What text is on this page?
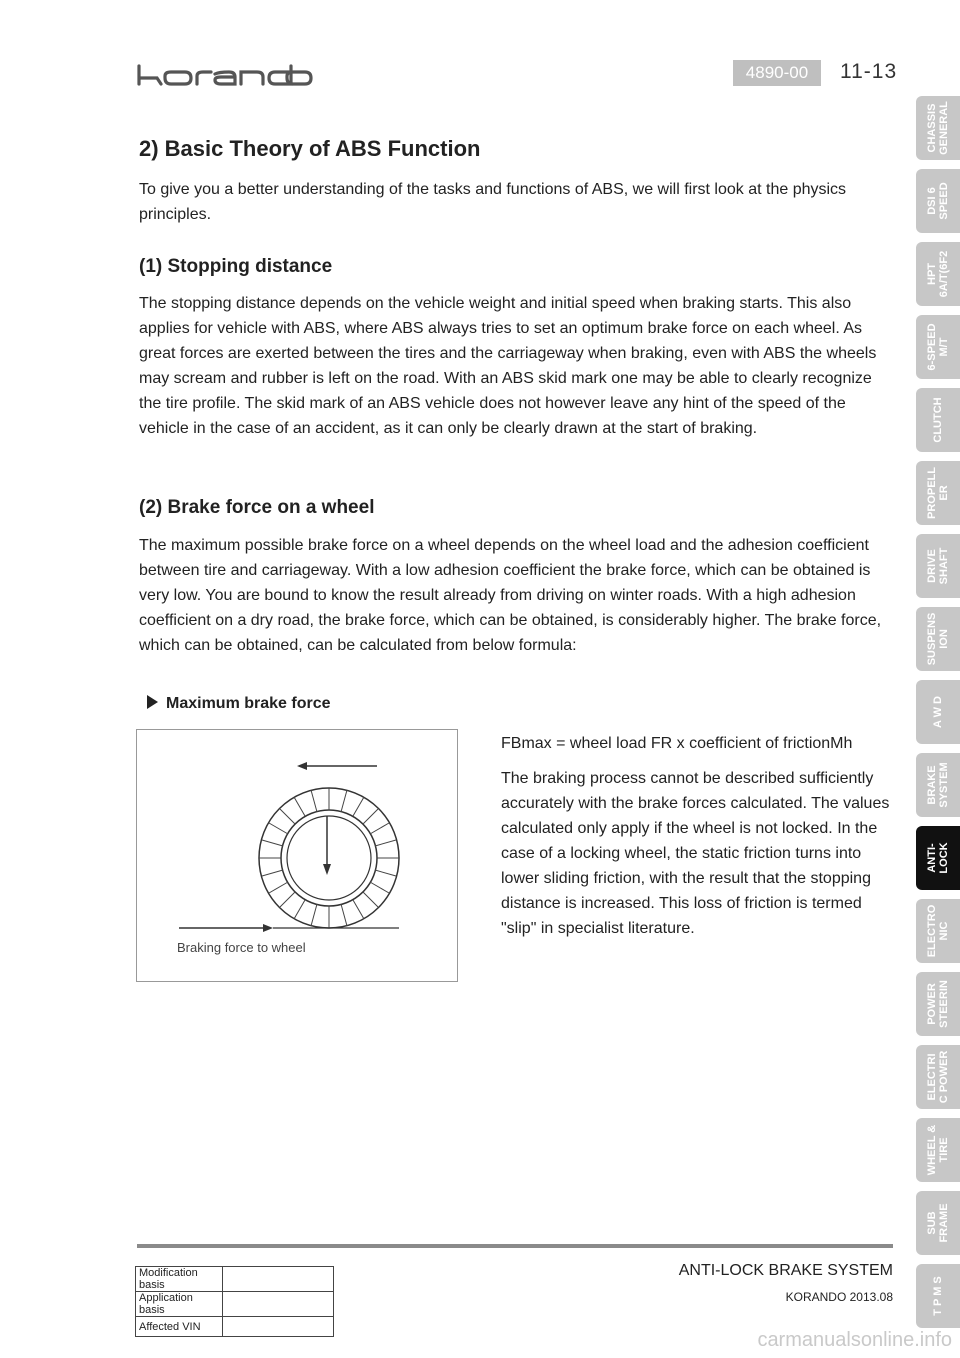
4890-00	11-13
2) Basic Theory of ABS Function

To give you a better understanding of the tasks and functions of ABS, we will first look at the physics principles.

(1) Stopping distance

The stopping distance depends on the vehicle weight and initial speed when braking starts. This also applies for vehicle with ABS, where ABS always tries to set an optimum brake force on each wheel. As great forces are exerted between the tires and the carriageway when braking, even with ABS the wheels may scream and rubber is left on the road. With an ABS skid mark one may be able to clearly recognize the tire profile. The skid mark of an ABS vehicle does not however leave any hint of the speed of the vehicle in the case of an accident, as it can only be clearly drawn at the start of braking.

(2) Brake force on a wheel

The maximum possible brake force on a wheel depends on the wheel load and the adhesion coefficient between tire and carriageway. With a low adhesion coefficient the brake force, which can be obtained is very low. You are bound to know the result already from driving on winter roads. With a high adhesion coefficient on a dry road, the brake force, which can be obtained, is considerably higher. The brake force, which can be obtained, can be calculated from below formula:

Maximum brake force
Braking force to wheel

FBmax = wheel load FR x coefficient of frictionMh

The braking process cannot be described sufficiently accurately with the brake forces calculated. The values calculated only apply if the wheel is not locked. In the case of a locking wheel, the static friction turns into lower sliding friction, with the result that the stopping distance is increased. This loss of friction is termed "slip" in specialist literature.

Modification basis	
Application basis	
Affected VIN	
ANTI-LOCK BRAKE SYSTEM
KORANDO 2013.08
CHASSIS
GENERAL
DSI 6
SPEED
HPT
6A/T(6F2
6-SPEED
M/T
CLUTCH
PROPELL
ER
DRIVE
SHAFT
SUSPENS
ION
A W D
BRAKE
SYSTEM
ANTI-
LOCK
ELECTRO
NIC
POWER
STEERIN
ELECTRI
C POWER
WHEEL &
TIRE
SUB
FRAME
T P M S
carmanualsonline.info
